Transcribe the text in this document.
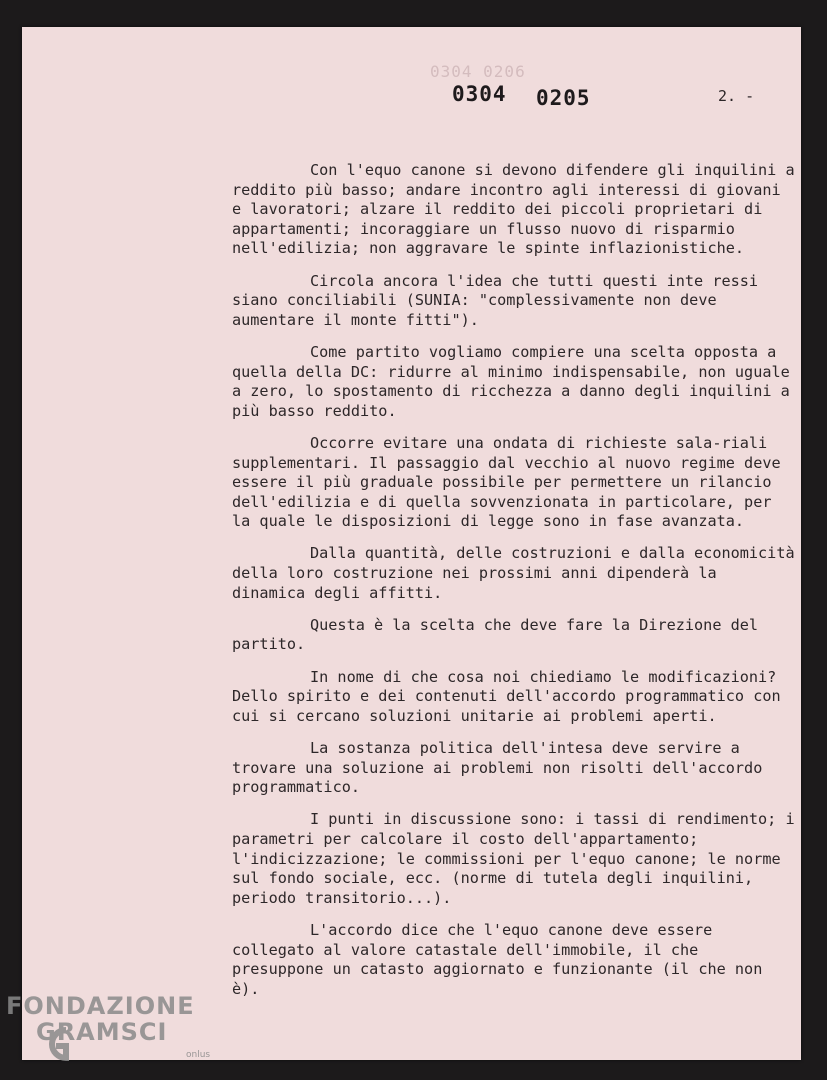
0304 0206
0304 0205	2. -

Con l'equo canone si devono difendere gli inquilini a reddito più basso; andare incontro agli interessi di giovani e lavoratori; alzare il reddito dei piccoli proprietari di appartamenti; incoraggiare un flusso nuovo di risparmio nell'edilizia; non aggravare le spinte inflazionistiche.

Circola ancora l'idea che tutti questi inte ressi siano conciliabili (SUNIA: "complessivamente non deve aumentare il monte fitti").

Come partito vogliamo compiere una scelta opposta a quella della DC: ridurre al minimo indispensabile, non uguale a zero, lo spostamento di ricchezza a danno degli inquilini a più basso reddito.

Occorre evitare una ondata di richieste sala-riali supplementari. Il passaggio dal vecchio al nuovo regime deve essere il più graduale possibile per permettere un rilancio dell'edilizia e di quella sovvenzionata in particolare, per la quale le disposizioni di legge sono in fase avanzata.

Dalla quantità, delle costruzioni e dalla economicità della loro costruzione nei prossimi anni dipenderà la dinamica degli affitti.

Questa è la scelta che deve fare la Direzione del partito.

In nome di che cosa noi chiediamo le modificazioni? Dello spirito e dei contenuti dell'accordo programmatico con cui si cercano soluzioni unitarie ai problemi aperti.

La sostanza politica dell'intesa deve servire a trovare una soluzione ai problemi non risolti dell'accordo programmatico.

I punti in discussione sono: i tassi di rendimento; i parametri per calcolare il costo dell'appartamento; l'indicizzazione; le commissioni per l'equo canone; le norme sul fondo sociale, ecc. (norme di tutela degli inquilini, periodo transitorio...).

L'accordo dice che l'equo canone deve essere collegato al valore catastale dell'immobile, il che presuppone un catasto aggiornato e funzionante (il che non è).

FONDAZIONE
GRAMSCI
onlus
